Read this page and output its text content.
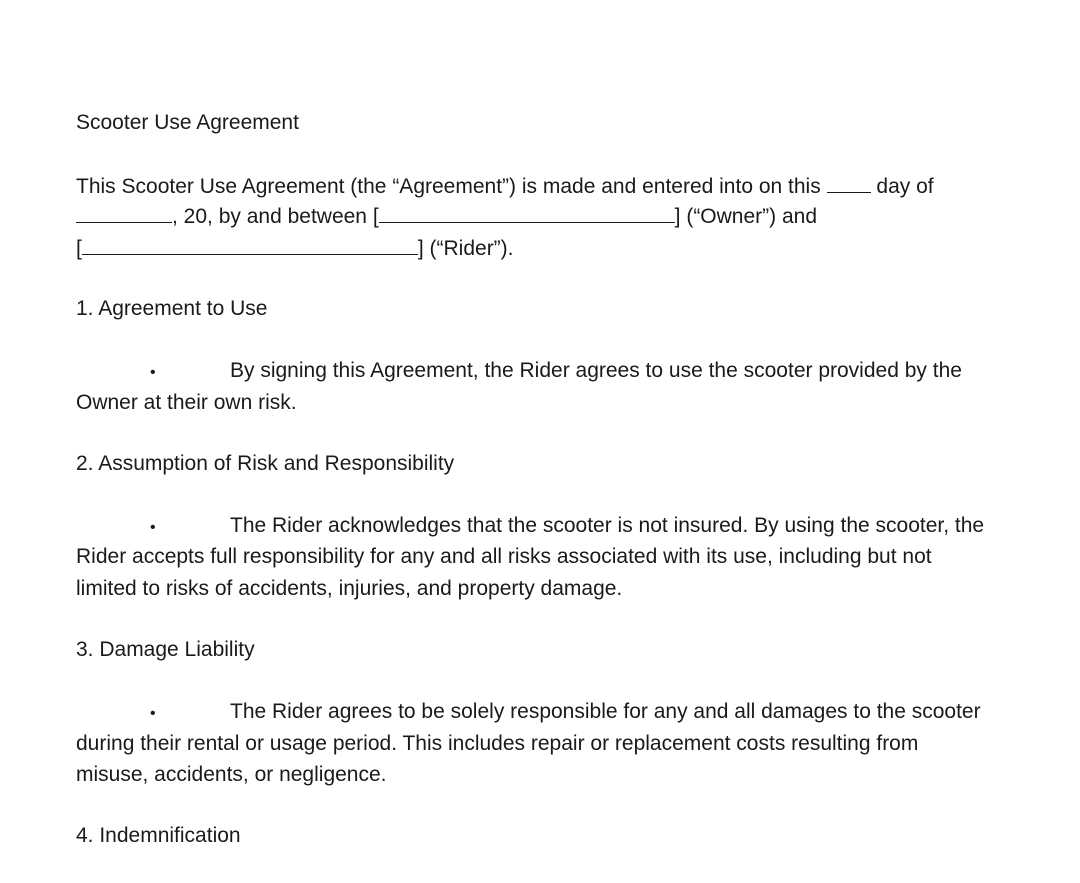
Scooter Use Agreement
This Scooter Use Agreement (the “Agreement”) is made and entered into on this	day of
, 20, by and between [	] (“Owner”) and
[	] (“Rider”).
1. Agreement to Use
•	By signing this Agreement, the Rider agrees to use the scooter provided by the
Owner at their own risk.
2. Assumption of Risk and Responsibility
•	The Rider acknowledges that the scooter is not insured. By using the scooter, the
Rider accepts full responsibility for any and all risks associated with its use, including but not
limited to risks of accidents, injuries, and property damage.
3. Damage Liability
•	The Rider agrees to be solely responsible for any and all damages to the scooter
during their rental or usage period. This includes repair or replacement costs resulting from
misuse, accidents, or negligence.
4. Indemnification
